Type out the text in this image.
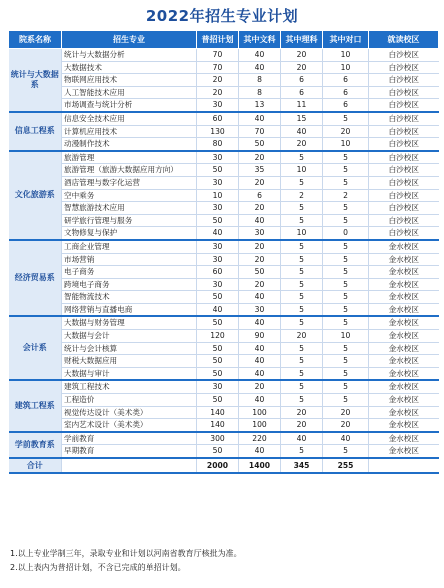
2022年招生专业计划
院系名称	招生专业	普招计划	其中文科	其中理科	其中对口	就读校区
统计与大数据系	统计与大数据分析	70	40	20	10	白沙校区
	大数据技术	70	40	20	10	白沙校区
	物联网应用技术	20	8	6	6	白沙校区
	人工智能技术应用	20	8	6	6	白沙校区
	市场调查与统计分析	30	13	11	6	白沙校区
信息工程系	信息安全技术应用	60	40	15	5	白沙校区
	计算机应用技术	130	70	40	20	白沙校区
	动漫制作技术	80	50	20	10	白沙校区
文化旅游系	旅游管理	30	20	5	5	白沙校区
	旅游管理（旅游大数据应用方向）	50	35	10	5	白沙校区
	酒店管理与数字化运营	30	20	5	5	白沙校区
	空中乘务	10	6	2	2	白沙校区
	智慧旅游技术应用	30	20	5	5	白沙校区
	研学旅行管理与服务	50	40	5	5	白沙校区
	文物修复与保护	40	30	10	0	白沙校区
经济贸易系	工商企业管理	30	20	5	5	金水校区
	市场营销	30	20	5	5	金水校区
	电子商务	60	50	5	5	金水校区
	跨境电子商务	30	20	5	5	金水校区
	智能物流技术	50	40	5	5	金水校区
	网络营销与直播电商	40	30	5	5	金水校区
会计系	大数据与财务管理	50	40	5	5	金水校区
	大数据与会计	120	90	20	10	金水校区
	统计与会计核算	50	40	5	5	金水校区
	财税大数据应用	50	40	5	5	金水校区
	大数据与审计	50	40	5	5	金水校区
建筑工程系	建筑工程技术	30	20	5	5	金水校区
	工程造价	50	40	5	5	金水校区
	视觉传达设计（美术类）	140	100	20	20	金水校区
	室内艺术设计（美术类）	140	100	20	20	金水校区
学前教育系	学前教育	300	220	40	40	金水校区
	早期教育	50	40	5	5	金水校区
合计		2000	1400	345	255	
1.以上专业学制三年，录取专业和计划以河南省教育厅核批为准。
2.以上表内为普招计划，不含已完成的单招计划。
